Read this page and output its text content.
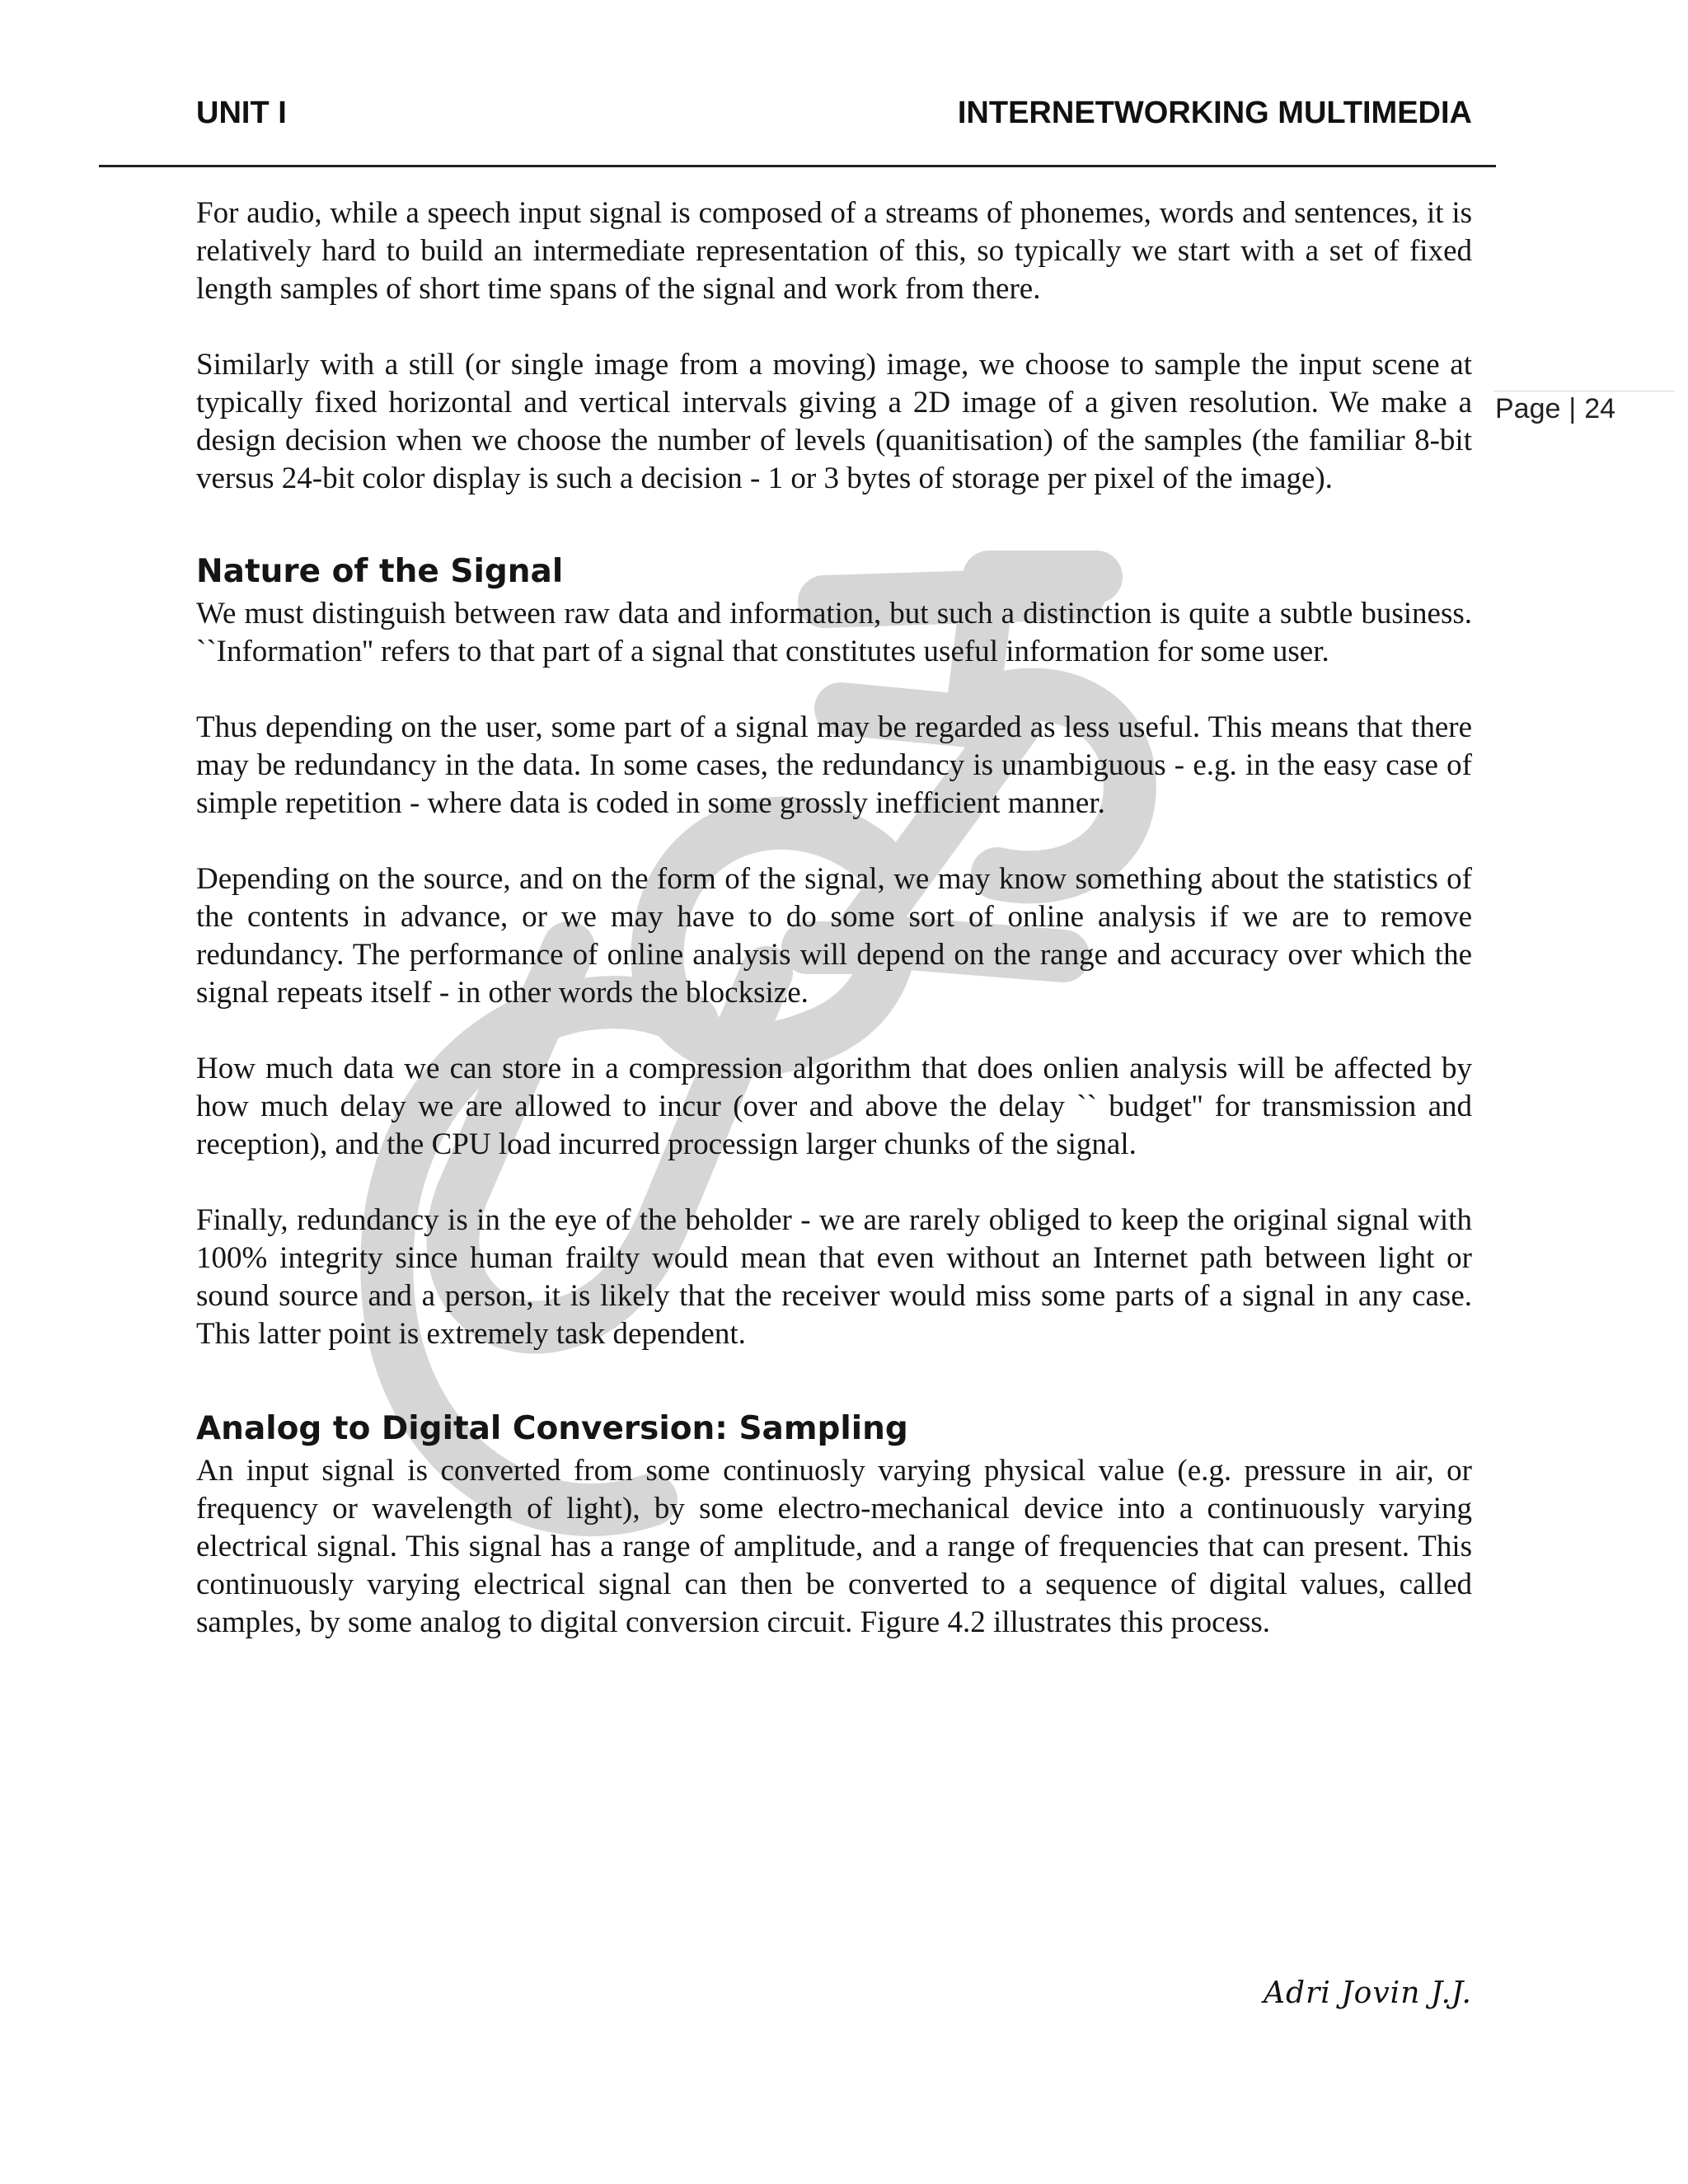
UNIT I	INTERNETWORKING MULTIMEDIA
Page | 24

For audio, while a speech input signal is composed of a streams of phonemes, words and sentences, it is relatively hard to build an intermediate representation of this, so typically we start with a set of fixed length samples of short time spans of the signal and work from there.

Similarly with a still (or single image from a moving) image, we choose to sample the input scene at typically fixed horizontal and vertical intervals giving a 2D image of a given resolution. We make a design decision when we choose the number of levels (quanitisation) of the samples (the familiar 8-bit versus 24-bit color display is such a decision - 1 or 3 bytes of storage per pixel of the image).

Nature of the Signal

We must distinguish between raw data and information, but such a distinction is quite a subtle business. ``Information'' refers to that part of a signal that constitutes useful information for some user.

Thus depending on the user, some part of a signal may be regarded as less useful. This means that there may be redundancy in the data. In some cases, the redundancy is unambiguous - e.g. in the easy case of simple repetition - where data is coded in some grossly inefficient manner.

Depending on the source, and on the form of the signal, we may know something about the statistics of the contents in advance, or we may have to do some sort of online analysis if we are to remove redundancy. The performance of online analysis will depend on the range and accuracy over which the signal repeats itself - in other words the blocksize.

How much data we can store in a compression algorithm that does onlien analysis will be affected by how much delay we are allowed to incur (over and above the delay `` budget'' for transmission and reception), and the CPU load incurred processign larger chunks of the signal.

Finally, redundancy is in the eye of the beholder - we are rarely obliged to keep the original signal with 100% integrity since human frailty would mean that even without an Internet path between light or sound source and a person, it is likely that the receiver would miss some parts of a signal in any case. This latter point is extremely task dependent.

Analog to Digital Conversion: Sampling

An input signal is converted from some continuosly varying physical value (e.g. pressure in air, or frequency or wavelength of light), by some electro-mechanical device into a continuously varying electrical signal. This signal has a range of amplitude, and a range of frequencies that can present. This continuously varying electrical signal can then be converted to a sequence of digital values, called samples, by some analog to digital conversion circuit. Figure 4.2 illustrates this process.

Adri Jovin J.J.
